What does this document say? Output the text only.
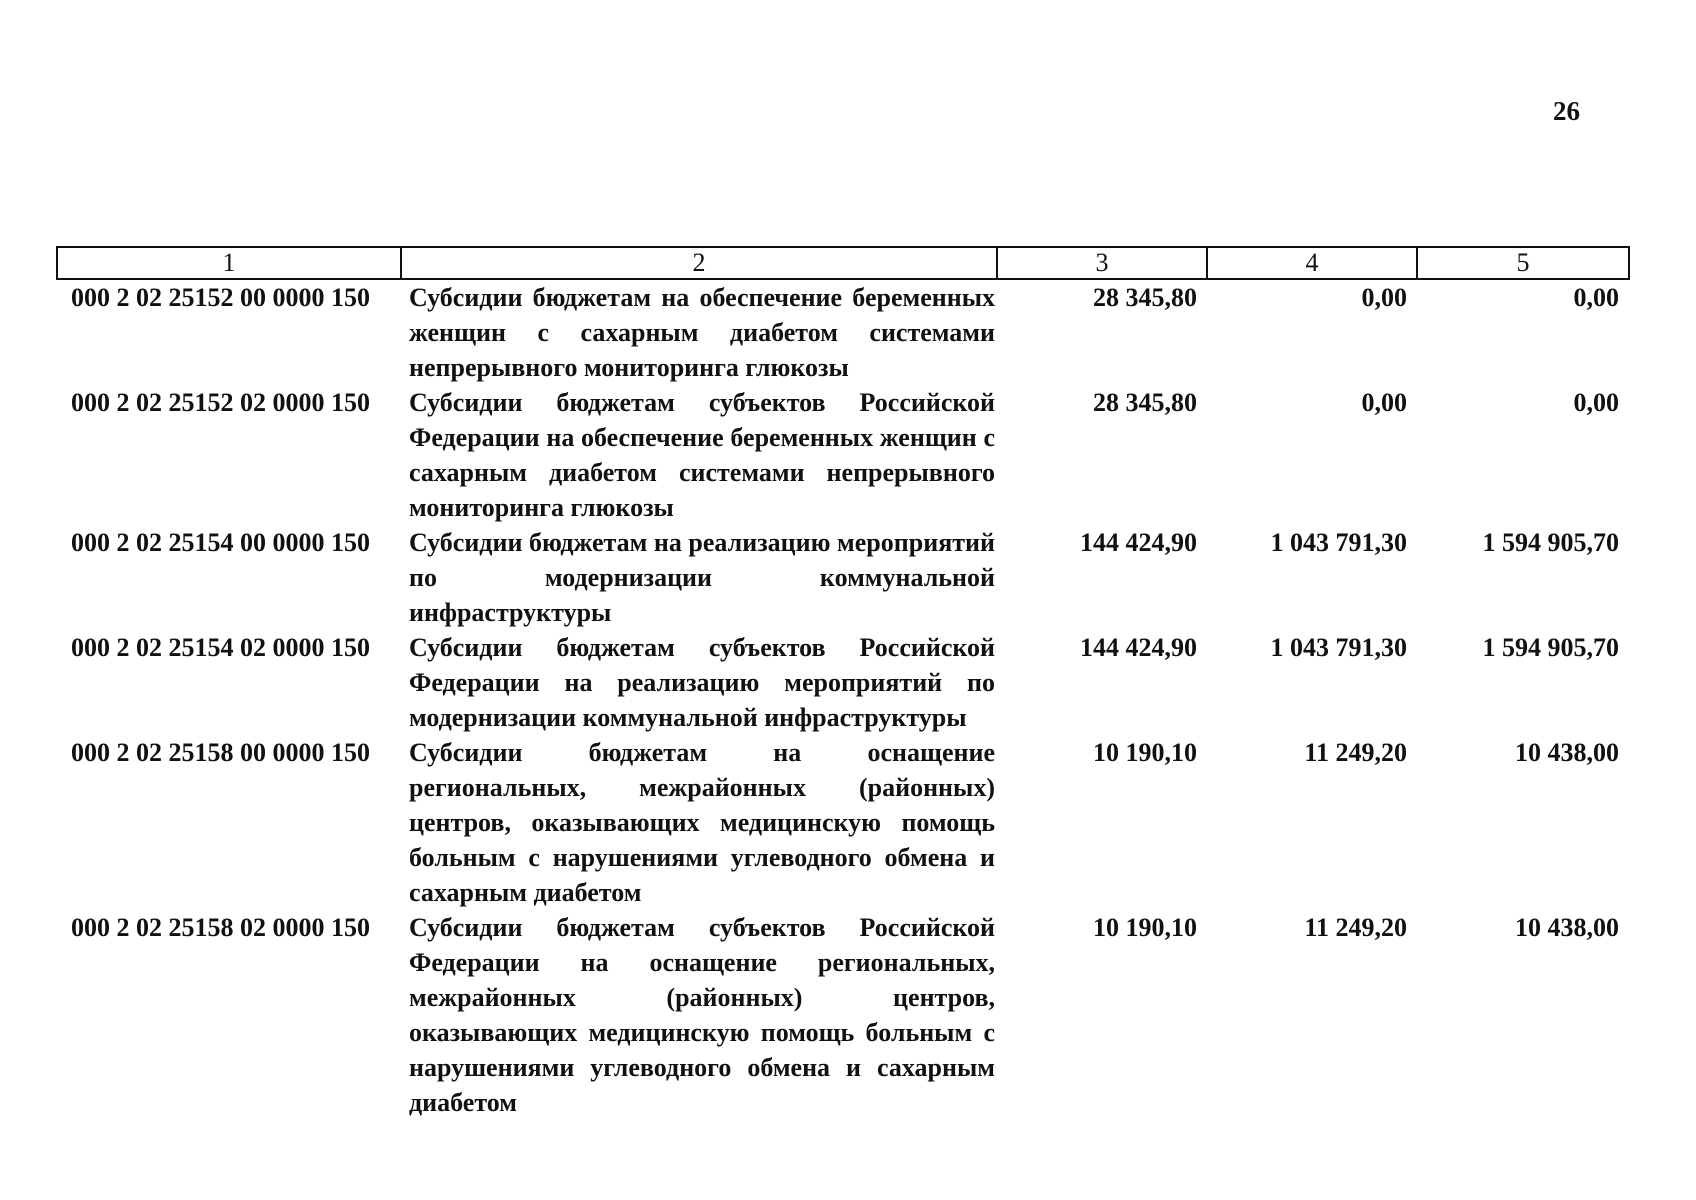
26
1	2	3	4	5
000 2 02 25152 00 0000 150	Субсидии бюджетам на обеспечение беременных женщин с сахарным диабетом системами непрерывного мониторинга глюкозы	28 345,80	0,00	0,00
000 2 02 25152 02 0000 150	Субсидии бюджетам субъектов Российской Федерации на обеспечение беременных женщин с сахарным диабетом системами непрерывного мониторинга глюкозы	28 345,80	0,00	0,00
000 2 02 25154 00 0000 150	Субсидии бюджетам на реализацию мероприятий по модернизации коммунальной инфраструктуры	144 424,90	1 043 791,30	1 594 905,70
000 2 02 25154 02 0000 150	Субсидии бюджетам субъектов Российской Федерации на реализацию мероприятий по модернизации коммунальной инфраструктуры	144 424,90	1 043 791,30	1 594 905,70
000 2 02 25158 00 0000 150	Субсидии бюджетам на оснащение региональных, межрайонных (районных) центров, оказывающих медицинскую помощь больным с нарушениями углеводного обмена и сахарным диабетом	10 190,10	11 249,20	10 438,00
000 2 02 25158 02 0000 150	Субсидии бюджетам субъектов Российской Федерации на оснащение региональных, межрайонных (районных) центров, оказывающих медицинскую помощь больным с нарушениями углеводного обмена и сахарным диабетом	10 190,10	11 249,20	10 438,00
